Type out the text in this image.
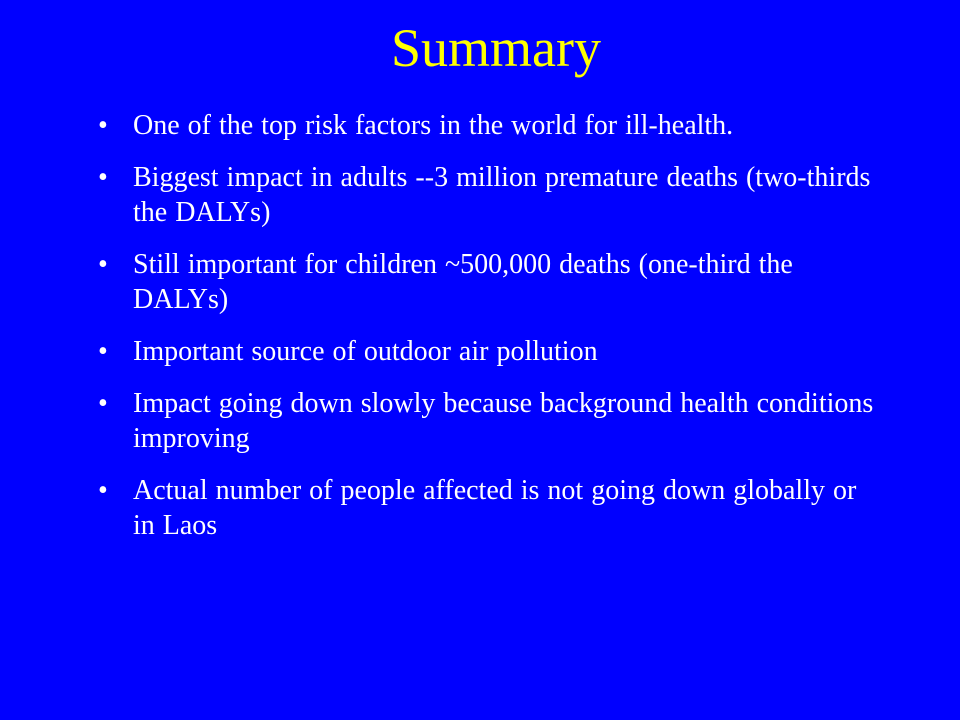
Summary
• One of the top risk factors in the world for ill-health.
• Biggest impact in adults --3 million premature deaths (two-thirds the DALYs)
• Still important for children ~500,000 deaths (one-third the DALYs)
• Important source of outdoor air pollution
• Impact going down slowly because background health conditions improving
• Actual number of people affected is not going down globally or in Laos
